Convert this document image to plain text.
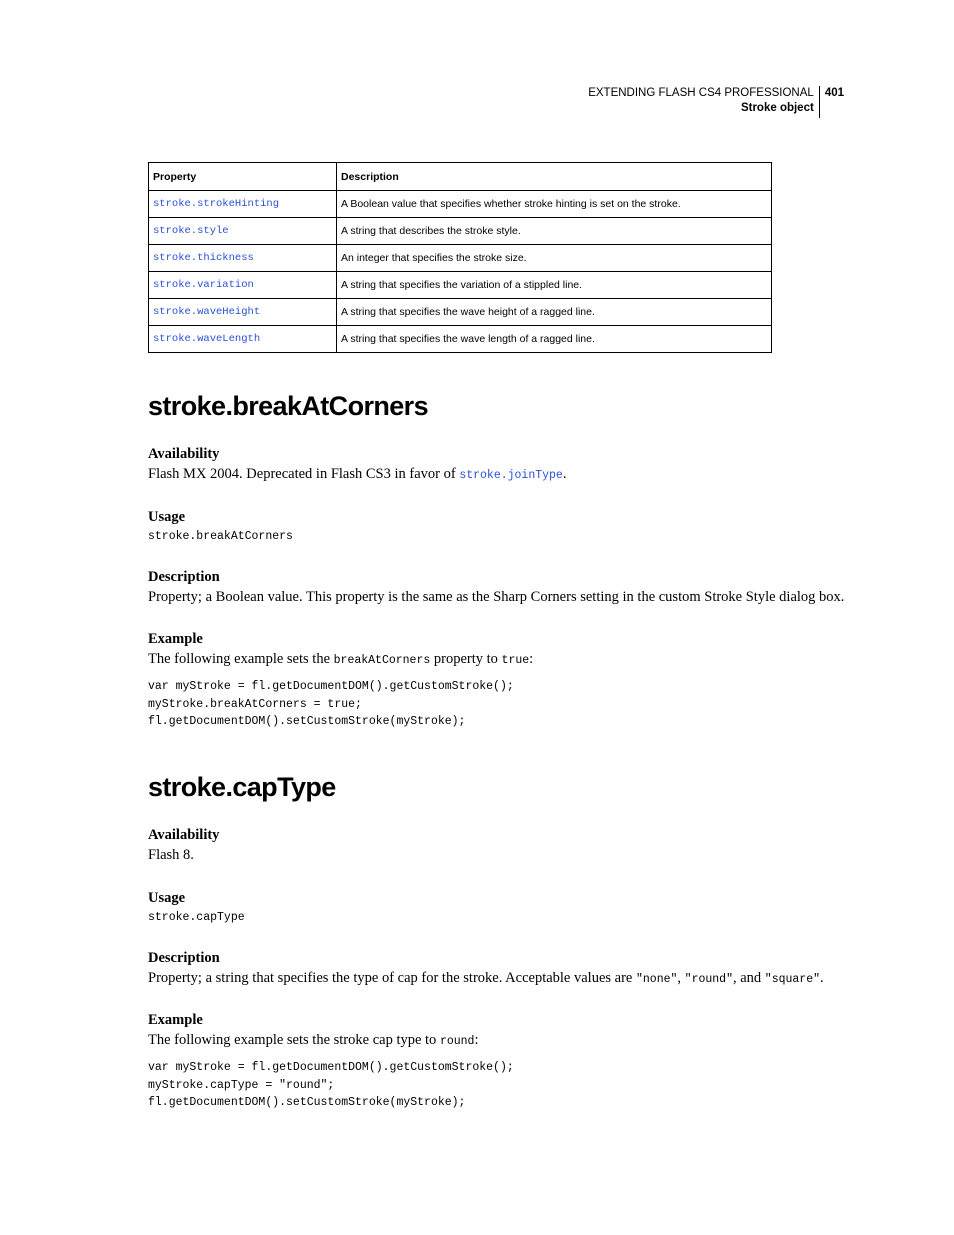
EXTENDING FLASH CS4 PROFESSIONAL
Stroke object
401
Property	Description
stroke.strokeHinting	A Boolean value that specifies whether stroke hinting is set on the stroke.
stroke.style	A string that describes the stroke style.
stroke.thickness	An integer that specifies the stroke size.
stroke.variation	A string that specifies the variation of a stippled line.
stroke.waveHeight	A string that specifies the wave height of a ragged line.
stroke.waveLength	A string that specifies the wave length of a ragged line.
stroke.breakAtCorners
Availability

Flash MX 2004. Deprecated in Flash CS3 in favor of stroke.joinType.

Usage
stroke.breakAtCorners
Description

Property; a Boolean value. This property is the same as the Sharp Corners setting in the custom Stroke Style dialog box.

Example

The following example sets the breakAtCorners property to true:

var myStroke = fl.getDocumentDOM().getCustomStroke();
myStroke.breakAtCorners = true;
fl.getDocumentDOM().setCustomStroke(myStroke);
stroke.capType
Availability

Flash 8.

Usage
stroke.capType
Description

Property; a string that specifies the type of cap for the stroke. Acceptable values are "none", "round", and "square".

Example

The following example sets the stroke cap type to round:

var myStroke = fl.getDocumentDOM().getCustomStroke();
myStroke.capType = "round";
fl.getDocumentDOM().setCustomStroke(myStroke);
